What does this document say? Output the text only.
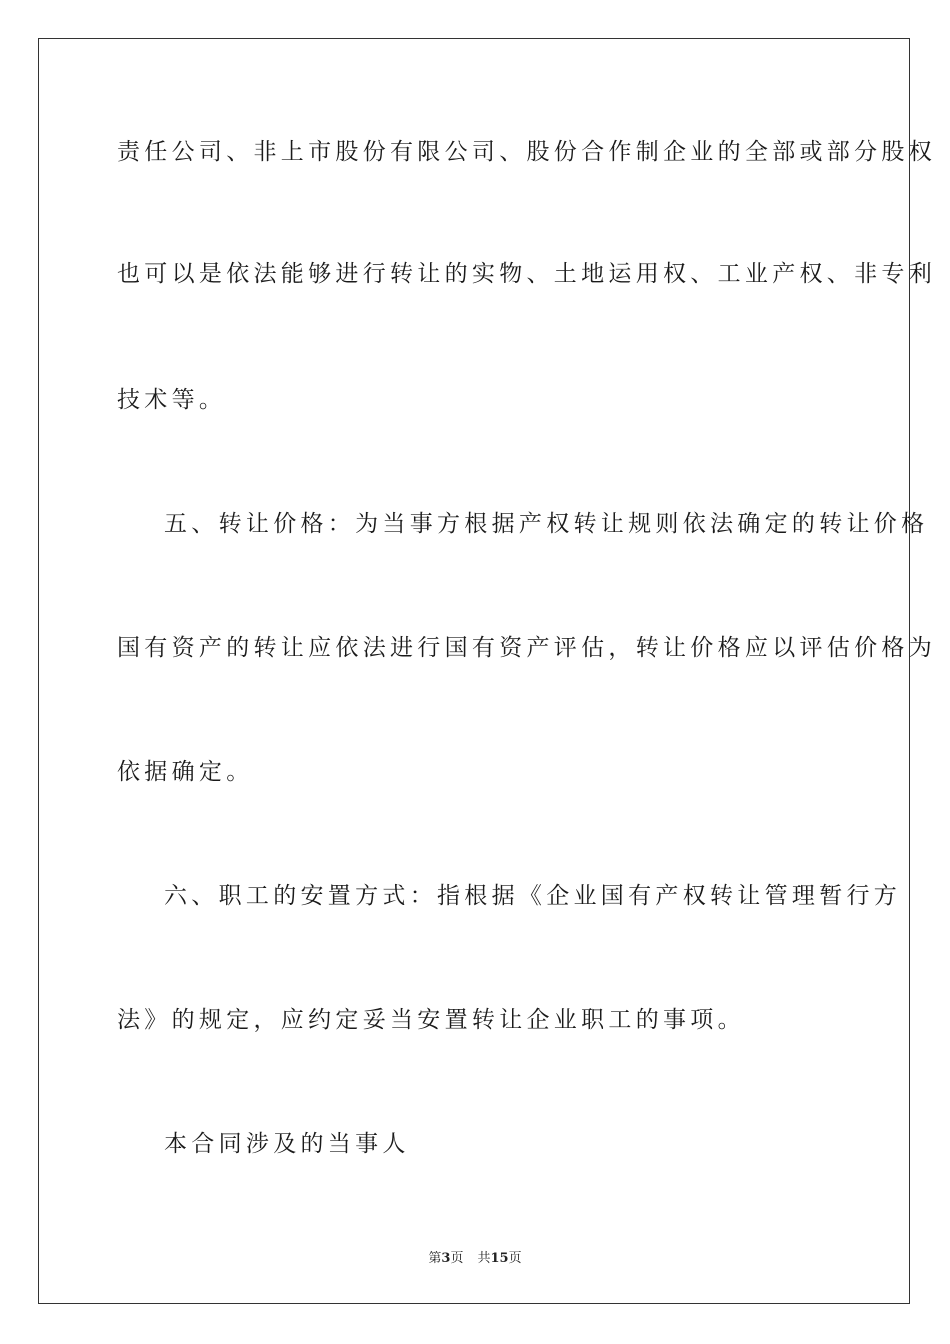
责任公司、非上市股份有限公司、股份合作制企业的全部或部分股权
也可以是依法能够进行转让的实物、土地运用权、工业产权、非专利
技术等。
五、转让价格：为当事方根据产权转让规则依法确定的转让价格
国有资产的转让应依法进行国有资产评估，转让价格应以评估价格为
依据确定。
六、职工的安置方式：指根据《企业国有产权转让管理暂行方
法》的规定，应约定妥当安置转让企业职工的事项。
本合同涉及的当事人
第3页 共15页
